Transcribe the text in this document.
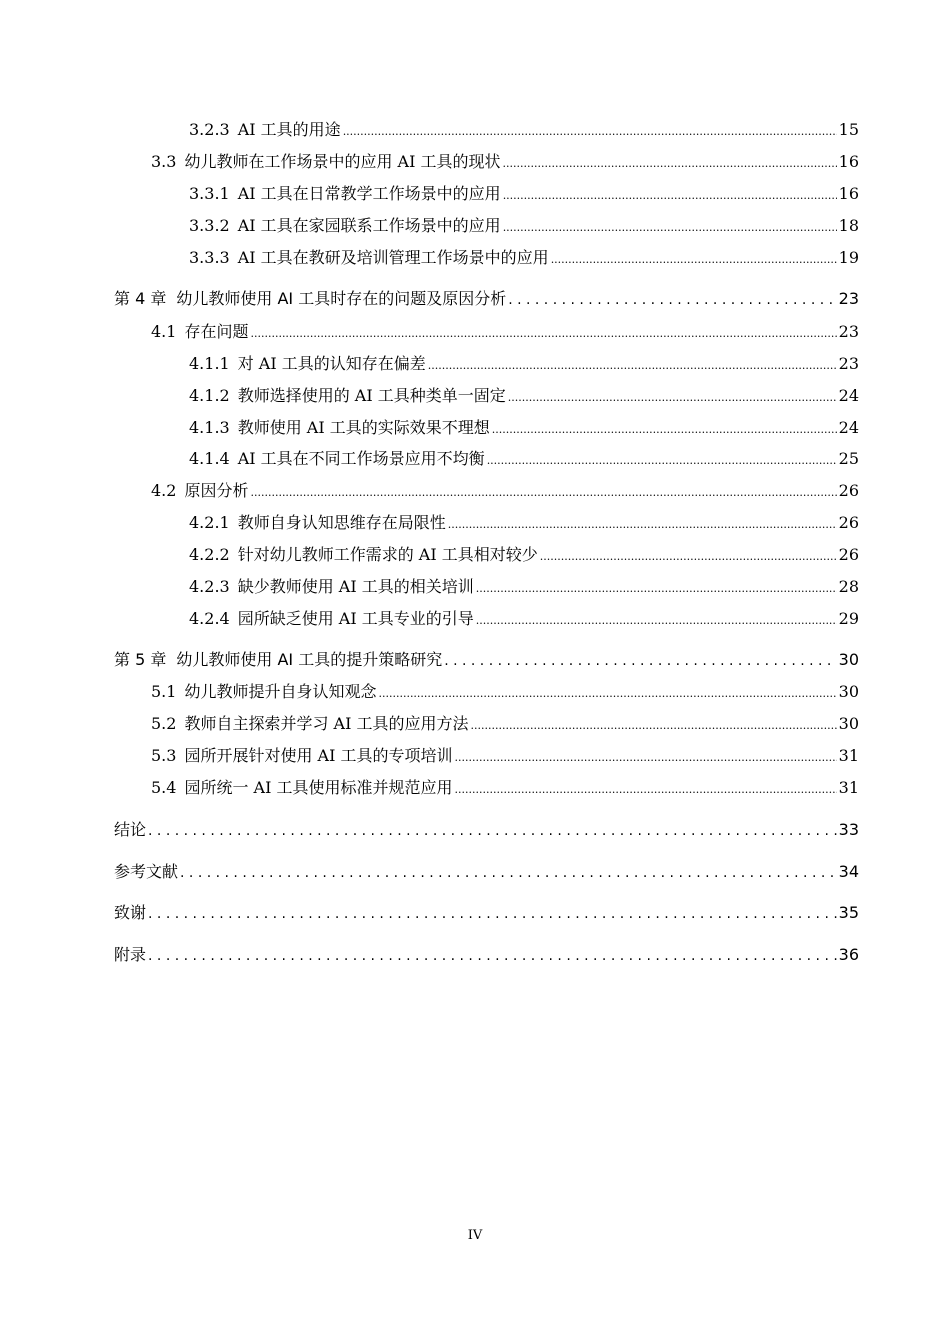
3.2.3 AI 工具的用途 .....	15
3.3 幼儿教师在工作场景中的应用 AI 工具的现状 .....	16
3.3.1 AI 工具在日常教学工作场景中的应用 .....	16
3.3.2 AI 工具在家园联系工作场景中的应用 .....	18
3.3.3 AI 工具在教研及培训管理工作场景中的应用 .....	19
第 4 章 幼儿教师使用 AI 工具时存在的问题及原因分析 . . .	23
4.1 存在问题 .....	23
4.1.1 对 AI 工具的认知存在偏差 .....	23
4.1.2 教师选择使用的 AI 工具种类单一固定 .....	24
4.1.3 教师使用 AI 工具的实际效果不理想 .....	24
4.1.4 AI 工具在不同工作场景应用不均衡 .....	25
4.2 原因分析 .....	26
4.2.1 教师自身认知思维存在局限性 .....	26
4.2.2 针对幼儿教师工作需求的 AI 工具相对较少 .....	26
4.2.3 缺少教师使用 AI 工具的相关培训 .....	28
4.2.4 园所缺乏使用 AI 工具专业的引导 .....	29
第 5 章 幼儿教师使用 AI 工具的提升策略研究 . . .	30
5.1 幼儿教师提升自身认知观念 .....	30
5.2 教师自主探索并学习 AI 工具的应用方法 .....	30
5.3 园所开展针对使用 AI 工具的专项培训 .....	31
5.4 园所统一 AI 工具使用标准并规范应用 .....	31
结论 . . .	33
参考文献 . . .	34
致谢 . . .	35
附录 . . .	36
IV
